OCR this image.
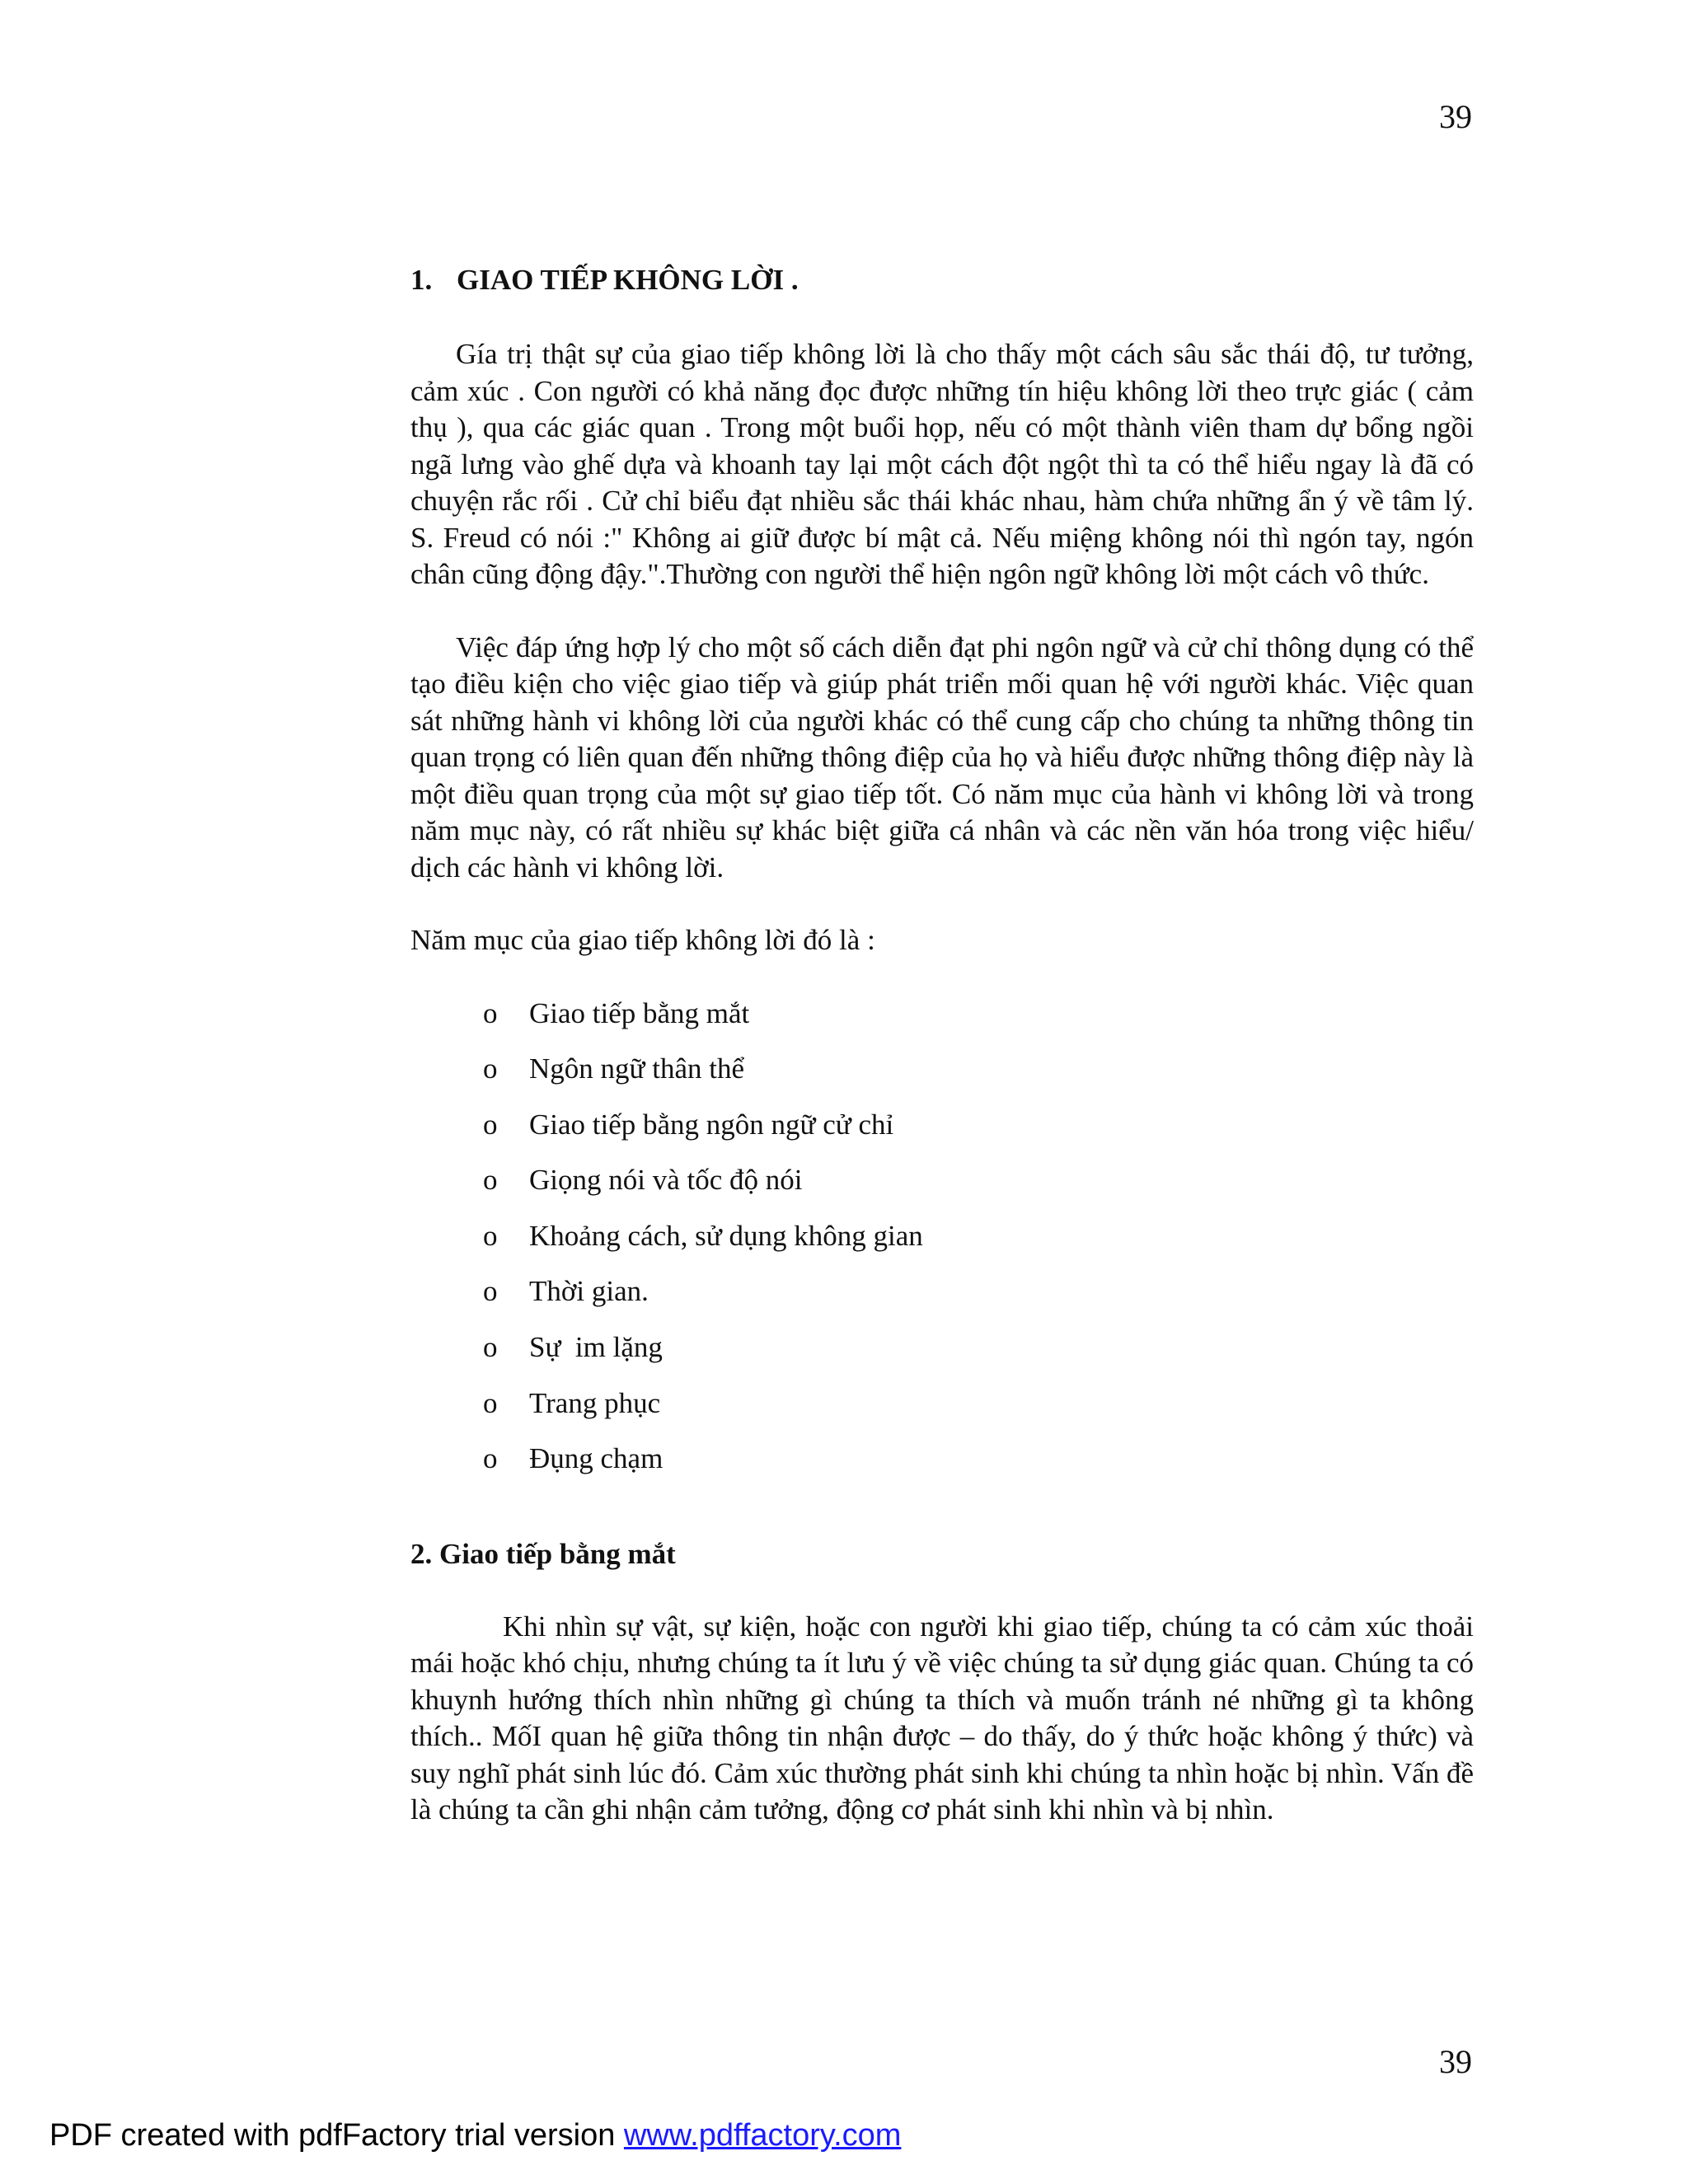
39
1. GIAO TIẾP KHÔNG LỜI .

Gía trị thật sự của giao tiếp không lời là cho thấy một cách sâu sắc thái độ, tư tưởng, cảm xúc . Con người có khả năng đọc được những tín hiệu không lời theo trực giác ( cảm thụ ), qua các giác quan . Trong một buổi họp, nếu có một thành viên tham dự bổng ngồi ngã lưng vào ghế dựa và khoanh tay lại một cách đột ngột thì ta có thể hiểu ngay là đã có chuyện rắc rối . Cử chỉ biểu đạt nhiều sắc thái khác nhau, hàm chứa những ẩn ý về tâm lý. S. Freud có nói :" Không ai giữ được bí mật cả. Nếu miệng không nói thì ngón tay, ngón chân cũng động đậy.".Thường con người thể hiện ngôn ngữ không lời một cách vô thức.

Việc đáp ứng hợp lý cho một số cách diễn đạt phi ngôn ngữ và cử chỉ thông dụng có thể tạo điều kiện cho việc giao tiếp và giúp phát triển mối quan hệ với người khác. Việc quan sát những hành vi không lời của người khác có thể cung cấp cho chúng ta những thông tin quan trọng có liên quan đến những thông điệp của họ và hiểu được những thông điệp này là một điều quan trọng của một sự giao tiếp tốt. Có năm mục của hành vi không lời và trong năm mục này, có rất nhiều sự khác biệt giữa cá nhân và các nền văn hóa trong việc hiểu/ dịch các hành vi không lời.

Năm mục của giao tiếp không lời đó là :

o	Giao tiếp bằng mắt
o	Ngôn ngữ thân thể
o	Giao tiếp bằng ngôn ngữ cử chỉ
o	Giọng nói và tốc độ nói
o	Khoảng cách, sử dụng không gian
o	Thời gian.
o	Sự  im lặng
o	Trang phục
o	Đụng chạm
2. Giao tiếp bằng mắt

Khi nhìn sự vật, sự kiện, hoặc con người khi giao tiếp, chúng ta có cảm xúc thoải mái hoặc khó chịu, nhưng chúng ta ít lưu ý về việc chúng ta sử dụng giác quan. Chúng ta có khuynh hướng thích nhìn những gì chúng ta thích và muốn tránh né những gì ta không thích.. MốI quan hệ giữa thông tin nhận được – do thấy, do ý thức hoặc không ý thức) và suy nghĩ phát sinh lúc đó. Cảm xúc thường phát sinh khi chúng ta nhìn hoặc bị nhìn. Vấn đề là chúng ta cần ghi nhận cảm tưởng, động cơ phát sinh khi nhìn và bị nhìn.

39
PDF created with pdfFactory trial version www.pdffactory.com
